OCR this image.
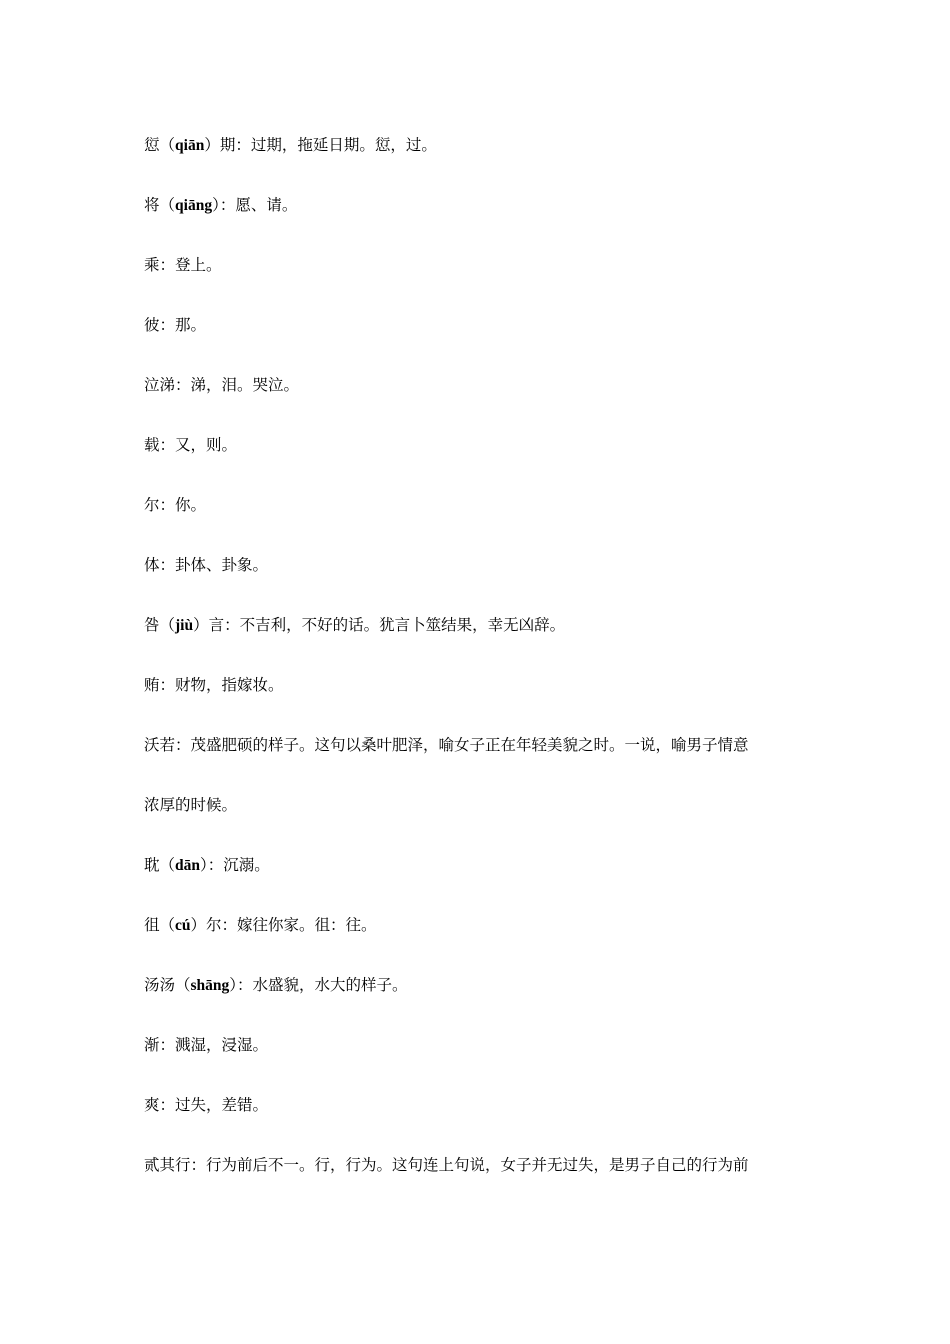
愆（qiān）期：过期，拖延日期。愆，过。
将（qiāng）：愿、请。
乘：登上。
彼：那。
泣涕：涕，泪。哭泣。
载：又，则。
尔：你。
体：卦体、卦象。
咎（jiù）言：不吉利，不好的话。犹言卜筮结果，幸无凶辞。
贿：财物，指嫁妆。
沃若：茂盛肥硕的样子。这句以桑叶肥泽，喻女子正在年轻美貌之时。一说，喻男子情意
浓厚的时候。
耽（dān）：沉溺。
徂（cú）尔：嫁往你家。徂：往。
汤汤（shāng）：水盛貌，水大的样子。
渐：溅湿，浸湿。
爽：过失，差错。
贰其行：行为前后不一。行，行为。这句连上句说，女子并无过失，是男子自己的行为前
